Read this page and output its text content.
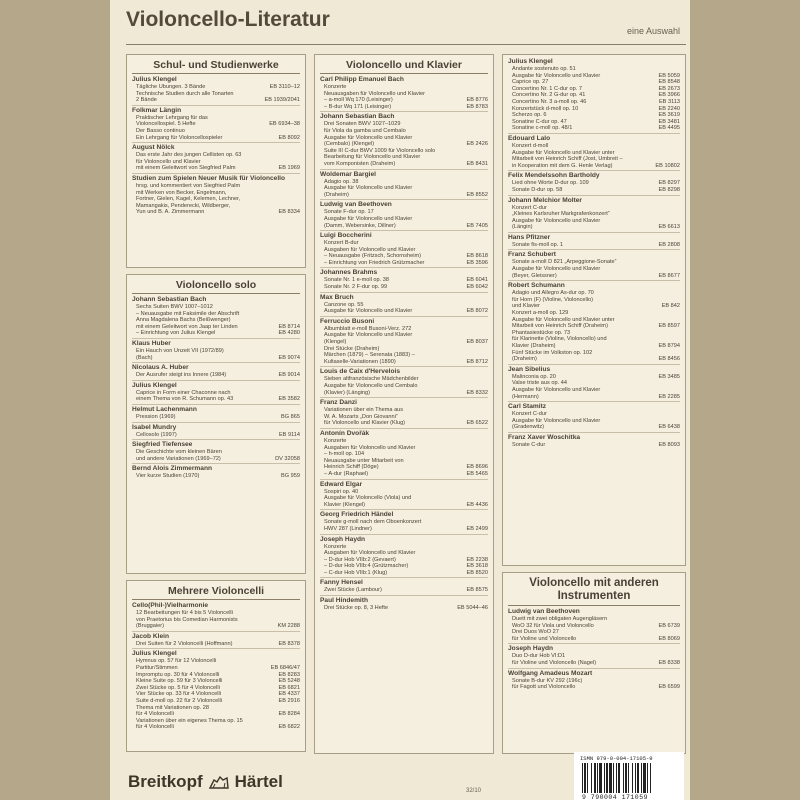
Violoncello-Literatur	eine Auswahl
Schul- und Studienwerke
Julius Klengel
Tägliche Übungen. 3 Bände	EB 3110–12
Technische Studien durch alle Tonarten
2 Bände	EB 1939/2041
Folkmar Längin
Praktischer Lehrgang für das
Violoncellospiel. 5 Hefte	EB 6934–38
Der Basso continuo
Ein Lehrgang für Violoncellospieler	EB 8092
August Nölck
Das erste Jahr des jungen Cellisten op. 63
für Violoncello und Klavier
mit einem Geleitwort von Siegfried Palm	EB 1969
Studien zum Spielen Neuer Musik für Violoncello
hrsg. und kommentiert von Siegfried Palm
mit Werken von Becker, Engelmann,
Fortner, Gielen, Kagel, Kelemen, Lechner,
Mamangakis, Penderecki, Wildberger,
Yun und B. A. Zimmermann	EB 8334
Violoncello solo
Johann Sebastian Bach
Sechs Suiten BWV 1007–1012
– Neuausgabe mit Faksimile der Abschrift
Anna Magdalena Bachs (Beißwenger)
mit einem Geleitwort von Jaap ter Linden	EB 8714
– Einrichtung von Julius Klengel	EB 4280
Klaus Huber
Ein Hauch von Unzeit VII (1972/89)
(Bach)	EB 9074
Nicolaus A. Huber
Der Ausrufer steigt ins Innere (1984)	EB 9014
Julius Klengel
Caprice in Form einer Chaconne nach
einem Thema von R. Schumann op. 43	EB 3582
Helmut Lachenmann
Pression (1969)	BG 865
Isabel Mundry
Cellosolo (1997)	EB 9114
Siegfried Tiefensee
Die Geschichte vom kleinen Bären
und andere Variationen (1969–72)	DV 32058
Bernd Alois Zimmermann
Vier kurze Studien (1970)	BG 959
Mehrere Violoncelli
Cello(Phil-)Vielharmonie
12 Bearbeitungen für 4 bis 5 Violoncelli
von Praetorius bis Comedian Harmonists
(Bruggaier)	KM 2288
Jacob Klein
Drei Suiten für 2 Violoncelli (Hoffmann)	EB 8378
Julius Klengel
Hymnus op. 57 für 12 Violoncelli
Partitur/Stimmen	EB 6846/47
Impromptu op. 30 für 4 Violoncelli	EB 8283
Kleine Suite op. 59 für 3 Violoncelli	EB 5248
Zwei Stücke op. 5 für 4 Violoncelli	EB 6821
Vier Stücke op. 33 für 4 Violoncelli	EB 4337
Suite d-moll op. 22 für 2 Violoncelli	EB 2916
Thema mit Variationen op. 28
für 4 Violoncelli	EB 8284
Variationen über ein eigenes Thema op. 15
für 4 Violoncelli	EB 6822
Violoncello und Klavier
Carl Philipp Emanuel Bach
Konzerte
Neuausgaben für Violoncello und Klavier
– a-moll Wq 170 (Leisinger)	EB 8776
– B-dur Wq 171 (Leisinger)	EB 8783
Johann Sebastian Bach
Drei Sonaten BWV 1027–1029
für Viola da gamba und Cembalo
Ausgabe für Violoncello und Klavier
(Cembalo) (Klengel)	EB 2426
Suite III C-dur BWV 1009 für Violoncello solo
Bearbeitung für Violoncello und Klavier
vom Komponisten (Draheim)	EB 8431
Woldemar Bargiel
Adagio op. 38
Ausgabe für Violoncello und Klavier
(Draheim)	EB 8552
Ludwig van Beethoven
Sonate F-dur op. 17
Ausgabe für Violoncello und Klavier
(Damm, Webersinke, Dillner)	EB 7405
Luigi Boccherini
Konzert B-dur
Ausgaben für Violoncello und Klavier
– Neuausgabe (Fritzsch, Schornsheim)	EB 8618
– Einrichtung von Friedrich Grützmacher	EB 3596
Johannes Brahms
Sonate Nr. 1 e-moll op. 38	EB 6041
Sonate Nr. 2 F-dur op. 99	EB 6042
Max Bruch
Canzone op. 55
Ausgabe für Violoncello und Klavier	EB 8072
Ferruccio Busoni
Albumblatt e-moll Busoni-Verz. 272
Ausgabe für Violoncello und Klavier
(Klengel)	EB 8037
Drei Stücke (Draheim)
Märchen (1879) – Serenata (1883) –
Kultaselle-Variationen (1890)	EB 8712
Louis de Caix d'Hervelois
Sieben altfranzösische Mädchenbilder
Ausgabe für Violoncello und Cembalo
(Klavier) (Länging)	EB 8332
Franz Danzi
Variationen über ein Thema aus
W. A. Mozarts „Don Giovanni“
für Violoncello und Klavier (Klug)	EB 6522
Antonín Dvořák
Konzerte
Ausgaben für Violoncello und Klavier
– h-moll op. 104
Neuausgabe unter Mitarbeit von
Heinrich Schiff (Döge)	EB 8696
– A-dur (Raphael)	EB 5465
Edward Elgar
Sospiri op. 40
Ausgabe für Violoncello (Viola) und
Klavier (Klengel)	EB 4436
Georg Friedrich Händel
Sonate g-moll nach dem Oboenkonzert
HWV 287 (Lindner)	EB 2499
Joseph Haydn
Konzerte
Ausgaben für Violoncello und Klavier
– D-dur Hob VIIb:2 (Gevaert)	EB 2238
– D-dur Hob VIIb:4 (Grützmacher)	EB 3618
– C-dur Hob VIIb:1 (Klug)	EB 8520
Fanny Hensel
Zwei Stücke (Lambour)	EB 8575
Paul Hindemith
Drei Stücke op. 8, 3 Hefte	EB 5044–46
Julius Klengel
Andante sostenuto op. 51
Ausgabe für Violoncello und Klavier	EB 5059
Caprice op. 27	EB 8548
Concertino Nr. 1 C-dur op. 7	EB 2673
Concertino Nr. 2 G-dur op. 41	EB 3966
Concertino Nr. 3 a-moll op. 46	EB 3113
Konzertstück d-moll op. 10	EB 2240
Scherzo op. 6	EB 3619
Sonatine C-dur op. 47	EB 3481
Sonatine c-moll op. 48/1	EB 4495
Edouard Lalo
Konzert d-moll
Ausgabe für Violoncello und Klavier unter
Mitarbeit von Heinrich Schiff (Jost, Umbreit –
in Kooperation mit dem G. Henle Verlag)	EB 10802
Felix Mendelssohn Bartholdy
Lied ohne Worte D-dur op. 109	EB 8297
Sonate D-dur op. 58	EB 8298
Johann Melchior Molter
Konzert C-dur
„Kleines Karlsruher Markgrafenkonzert“
Ausgabe für Violoncello und Klavier
(Längin)	EB 6613
Hans Pfitzner
Sonate fis-moll op. 1	EB 2808
Franz Schubert
Sonate a-moll D 821 „Arpeggione-Sonate“
Ausgabe für Violoncello und Klavier
(Beyer, Gleissner)	EB 8677
Robert Schumann
Adagio und Allegro As-dur op. 70
für Horn (F) (Violine, Violoncello)
und Klavier	EB 842
Konzert a-moll op. 129
Ausgabe für Violoncello und Klavier unter
Mitarbeit von Heinrich Schiff (Draheim)	EB 8597
Phantasiestücke op. 73
für Klarinette (Violine, Violoncello) und
Klavier (Draheim)	EB 8794
Fünf Stücke im Volkston op. 102
(Draheim)	EB 8456
Jean Sibelius
Malinconia op. 20	EB 3485
Valse triste aus op. 44
Ausgabe für Violoncello und Klavier
(Hermann)	EB 2285
Carl Stamitz
Konzert C-dur
Ausgabe für Violoncello und Klavier
(Gradenwitz)	EB 6438
Franz Xaver Woschitka
Sonate C-dur	EB 8093
Violoncello mit anderen Instrumenten
Ludwig van Beethoven
Duett mit zwei obligaten Augengläsern
WoO 32 für Viola und Violoncello	EB 6739
Drei Duos WoO 27
für Violine und Violoncello	EB 8069
Joseph Haydn
Duo D-dur Hob VI:D1
für Violine und Violoncello (Nagel)	EB 8338
Wolfgang Amadeus Mozart
Sonate B-dur KV 292 (196c)
für Fagott und Violoncello	EB 6599
Breitkopf Härtel	32/10
ISMN 979-0-004-17105-9
9 790004 171059
